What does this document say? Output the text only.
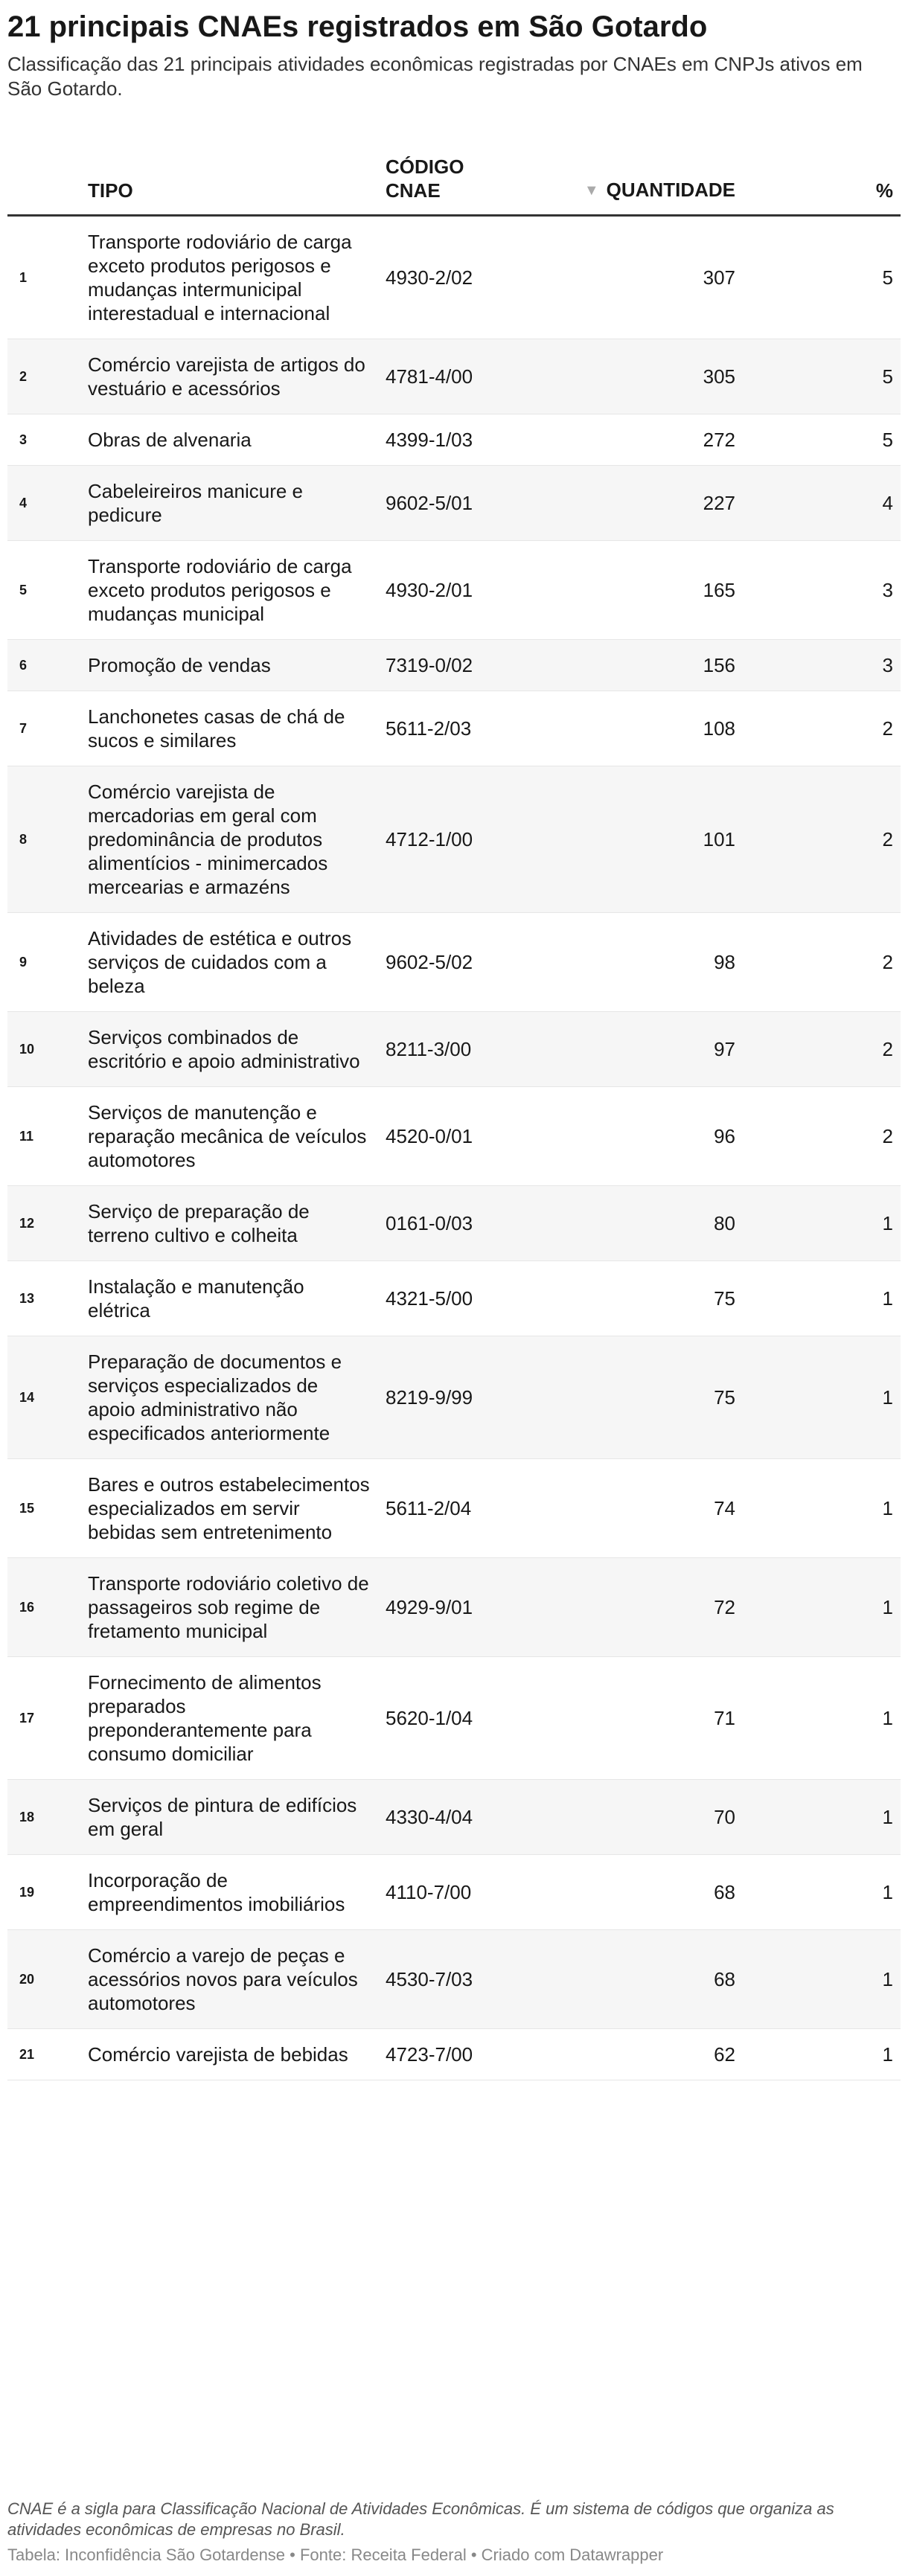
21 principais CNAEs registrados em São Gotardo

Classificação das 21 principais atividades econômicas registradas por CNAEs em CNPJs ativos em São Gotardo.

	TIPO	CÓDIGO CNAE	▼ QUANTIDADE	%
1	Transporte rodoviário de carga exceto produtos perigosos e mudanças intermunicipal interestadual e internacional	4930-2/02	307	5
2	Comércio varejista de artigos do vestuário e acessórios	4781-4/00	305	5
3	Obras de alvenaria	4399-1/03	272	5
4	Cabeleireiros manicure e pedicure	9602-5/01	227	4
5	Transporte rodoviário de carga exceto produtos perigosos e mudanças municipal	4930-2/01	165	3
6	Promoção de vendas	7319-0/02	156	3
7	Lanchonetes casas de chá de sucos e similares	5611-2/03	108	2
8	Comércio varejista de mercadorias em geral com predominância de produtos alimentícios - minimercados mercearias e armazéns	4712-1/00	101	2
9	Atividades de estética e outros serviços de cuidados com a beleza	9602-5/02	98	2
10	Serviços combinados de escritório e apoio administrativo	8211-3/00	97	2
11	Serviços de manutenção e reparação mecânica de veículos automotores	4520-0/01	96	2
12	Serviço de preparação de terreno cultivo e colheita	0161-0/03	80	1
13	Instalação e manutenção elétrica	4321-5/00	75	1
14	Preparação de documentos e serviços especializados de apoio administrativo não especificados anteriormente	8219-9/99	75	1
15	Bares e outros estabelecimentos especializados em servir bebidas sem entretenimento	5611-2/04	74	1
16	Transporte rodoviário coletivo de passageiros sob regime de fretamento municipal	4929-9/01	72	1
17	Fornecimento de alimentos preparados preponderantemente para consumo domiciliar	5620-1/04	71	1
18	Serviços de pintura de edifícios em geral	4330-4/04	70	1
19	Incorporação de empreendimentos imobiliários	4110-7/00	68	1
20	Comércio a varejo de peças e acessórios novos para veículos automotores	4530-7/03	68	1
21	Comércio varejista de bebidas	4723-7/00	62	1

CNAE é a sigla para Classificação Nacional de Atividades Econômicas. É um sistema de códigos que organiza as atividades econômicas de empresas no Brasil.

Tabela: Inconfidência São Gotardense • Fonte: Receita Federal • Criado com Datawrapper
